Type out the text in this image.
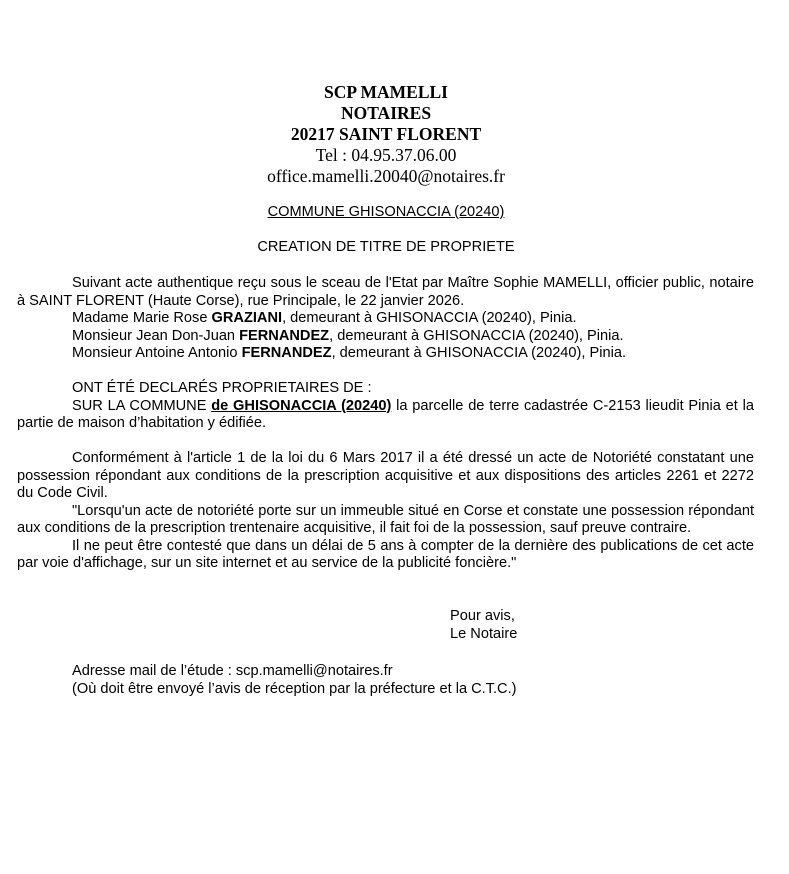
SCP MAMELLI
NOTAIRES
20217 SAINT FLORENT
Tel : 04.95.37.06.00
office.mamelli.20040@notaires.fr
COMMUNE GHISONACCIA (20240)
CREATION DE TITRE DE PROPRIETE

Suivant acte authentique reçu sous le sceau de l'Etat par Maître Sophie MAMELLI, officier public, notaire à SAINT FLORENT (Haute Corse), rue Principale, le 22 janvier 2026.

Madame Marie Rose GRAZIANI, demeurant à GHISONACCIA (20240), Pinia.

Monsieur Jean Don-Juan FERNANDEZ, demeurant à GHISONACCIA (20240), Pinia.

Monsieur Antoine Antonio FERNANDEZ, demeurant à GHISONACCIA (20240), Pinia.

ONT ÉTÉ DECLARÉS PROPRIETAIRES DE :

SUR LA COMMUNE de GHISONACCIA (20240) la parcelle de terre cadastrée C-2153 lieudit Pinia et la partie de maison d’habitation y édifiée.

Conformément à l'article 1 de la loi du 6 Mars 2017 il a été dressé un acte de Notoriété constatant une possession répondant aux conditions de la prescription acquisitive et aux dispositions des articles 2261 et 2272 du Code Civil.

"Lorsqu'un acte de notoriété porte sur un immeuble situé en Corse et constate une possession répondant aux conditions de la prescription trentenaire acquisitive, il fait foi de la possession, sauf preuve contraire.

Il ne peut être contesté que dans un délai de 5 ans à compter de la dernière des publications de cet acte par voie d'affichage, sur un site internet et au service de la publicité foncière."

Pour avis,
Le Notaire
Adresse mail de l’étude : scp.mamelli@notaires.fr
(Où doit être envoyé l’avis de réception par la préfecture et la C.T.C.)
